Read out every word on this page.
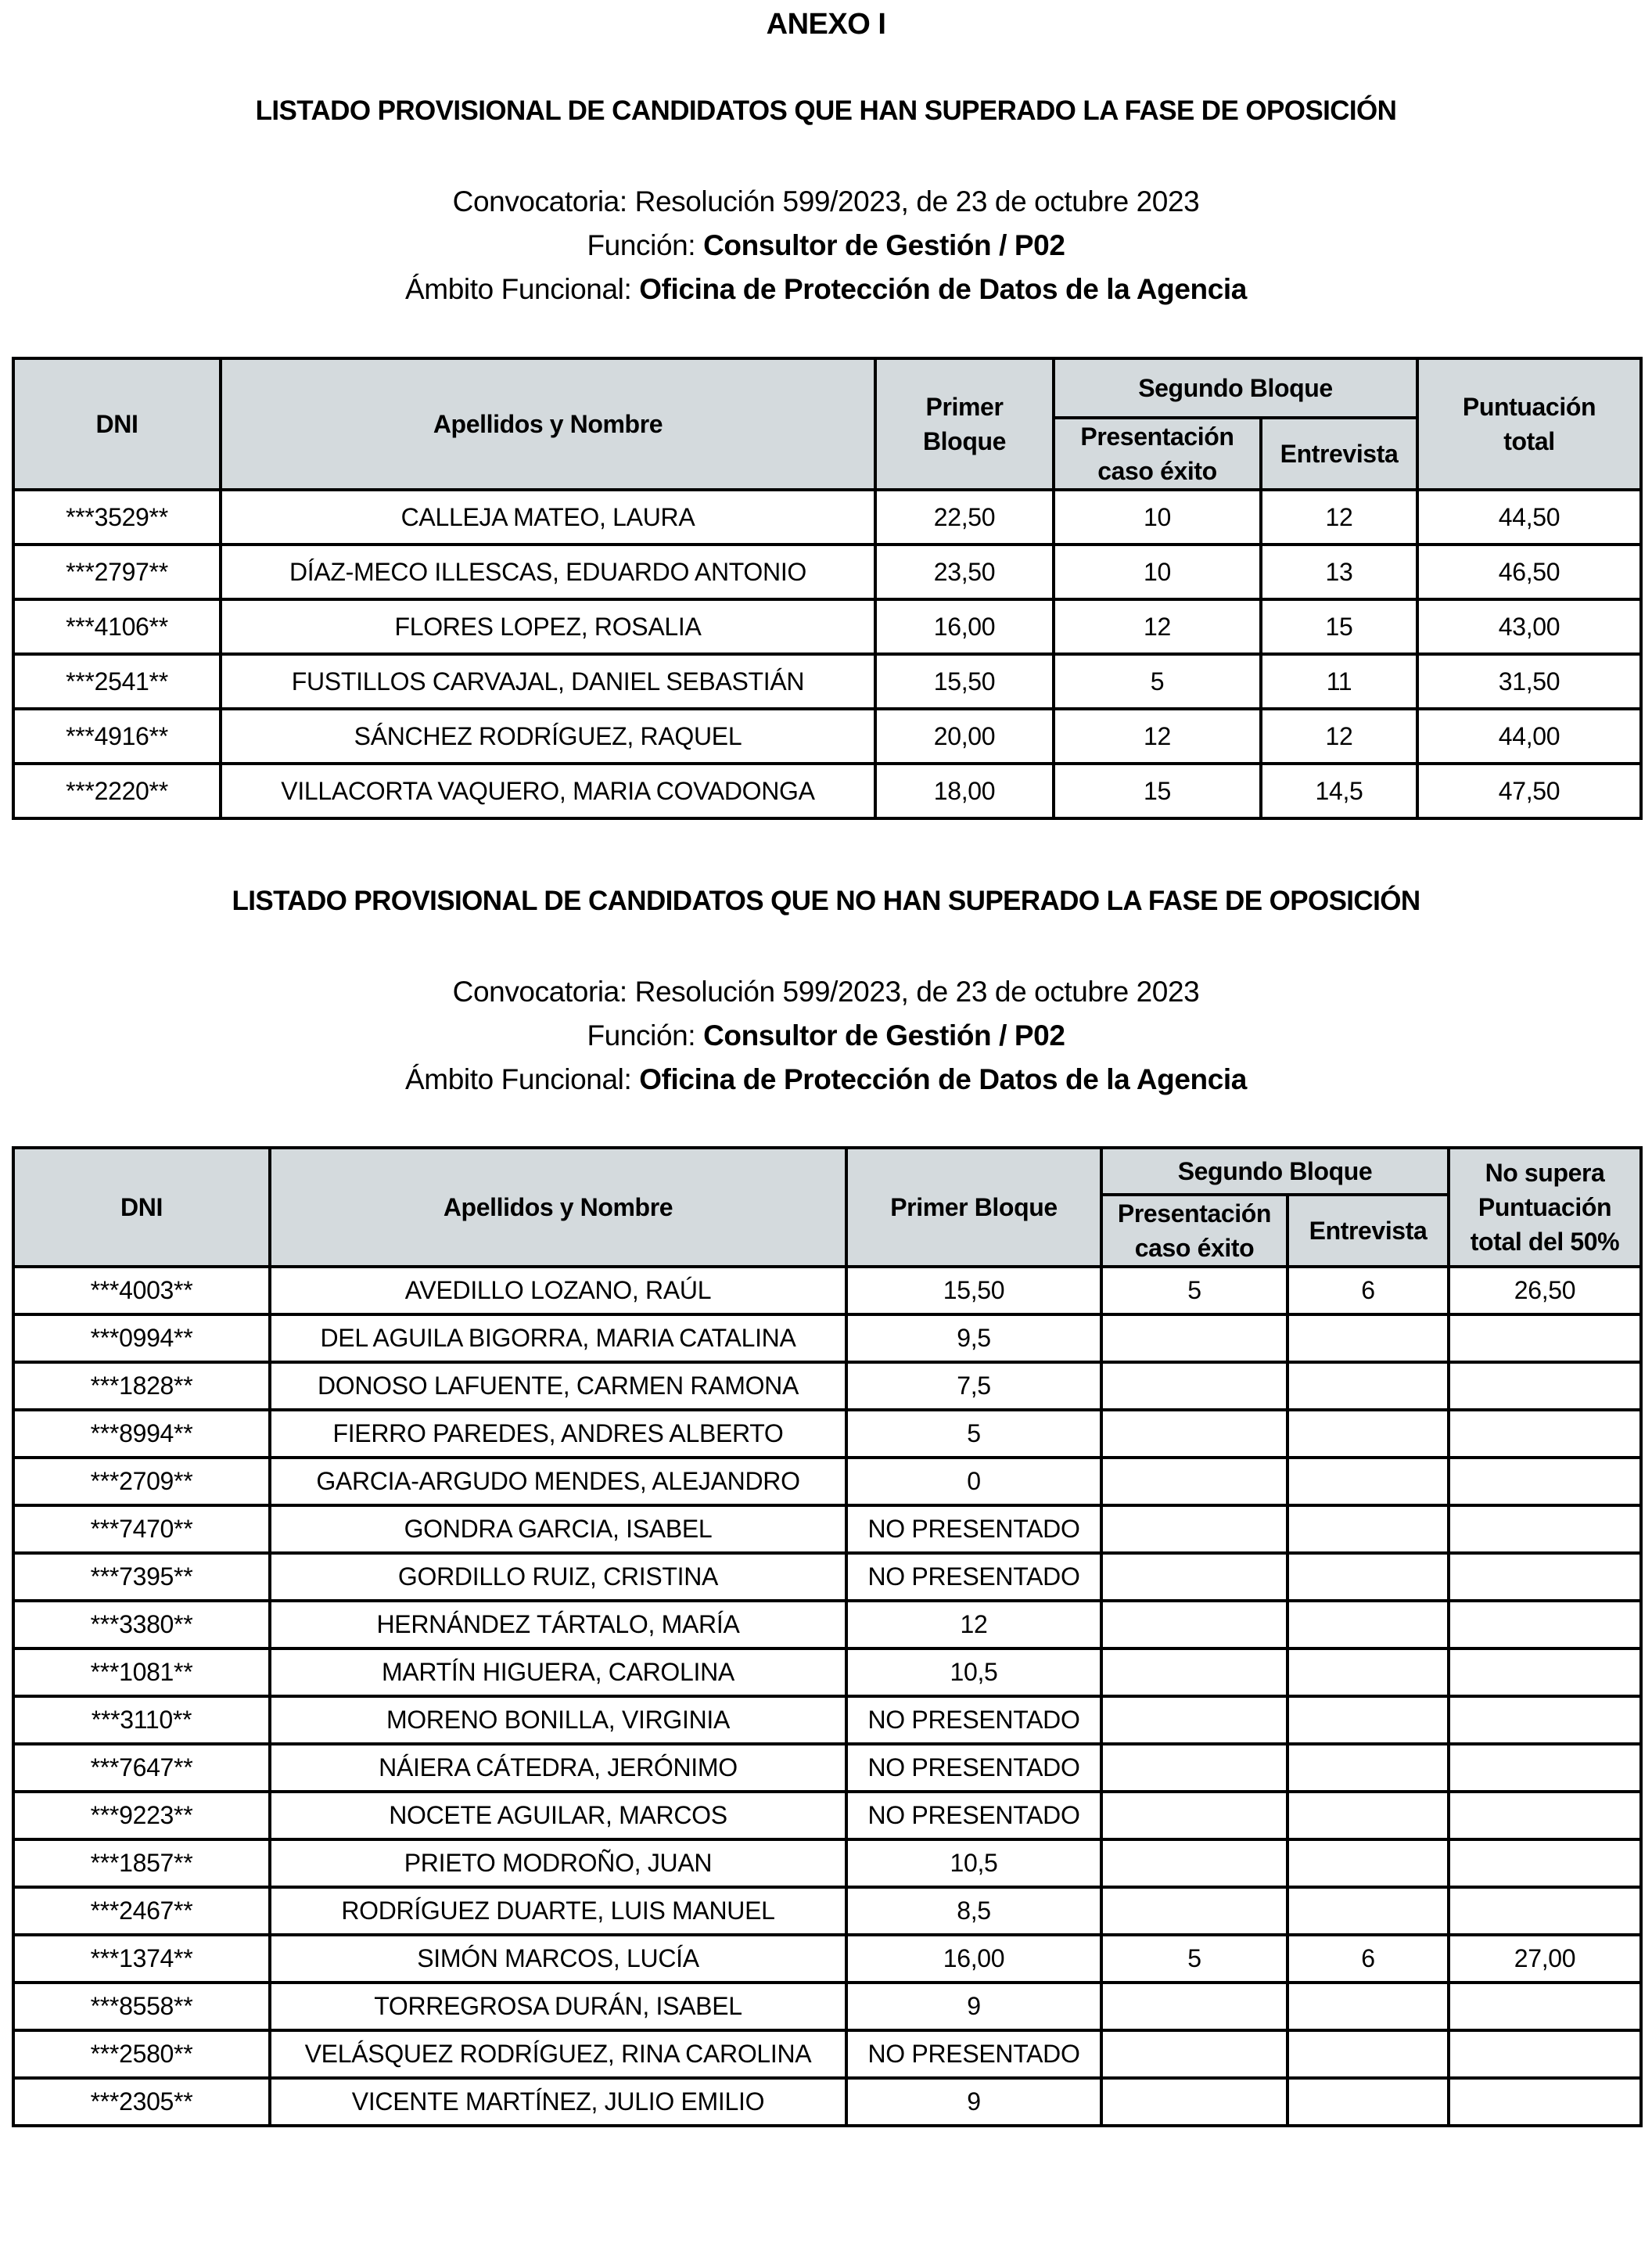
ANEXO I
LISTADO PROVISIONAL DE CANDIDATOS QUE HAN SUPERADO LA FASE DE OPOSICIÓN
Convocatoria: Resolución 599/2023, de 23 de octubre 2023
Función: Consultor de Gestión / P02
Ámbito Funcional: Oficina de Protección de Datos de la Agencia
DNI	Apellidos y Nombre	Primer Bloque	Segundo Bloque		Puntuación total
			Presentación caso éxito	Entrevista	
***3529**	CALLEJA MATEO, LAURA	22,50	10	12	44,50
***2797**	DÍAZ-MECO ILLESCAS, EDUARDO ANTONIO	23,50	10	13	46,50
***4106**	FLORES LOPEZ, ROSALIA	16,00	12	15	43,00
***2541**	FUSTILLOS CARVAJAL, DANIEL SEBASTIÁN	15,50	5	11	31,50
***4916**	SÁNCHEZ RODRÍGUEZ, RAQUEL	20,00	12	12	44,00
***2220**	VILLACORTA VAQUERO, MARIA COVADONGA	18,00	15	14,5	47,50
LISTADO PROVISIONAL DE CANDIDATOS QUE NO HAN SUPERADO LA FASE DE OPOSICIÓN
Convocatoria: Resolución 599/2023, de 23 de octubre 2023
Función: Consultor de Gestión / P02
Ámbito Funcional: Oficina de Protección de Datos de la Agencia
DNI	Apellidos y Nombre	Primer Bloque	Segundo Bloque		No supera Puntuación total del 50%
			Presentación caso éxito	Entrevista	
***4003**	AVEDILLO LOZANO, RAÚL	15,50	5	6	26,50
***0994**	DEL AGUILA BIGORRA, MARIA CATALINA	9,5			
***1828**	DONOSO LAFUENTE, CARMEN RAMONA	7,5			
***8994**	FIERRO PAREDES, ANDRES ALBERTO	5			
***2709**	GARCIA-ARGUDO MENDES, ALEJANDRO	0			
***7470**	GONDRA GARCIA, ISABEL	NO PRESENTADO			
***7395**	GORDILLO RUIZ, CRISTINA	NO PRESENTADO			
***3380**	HERNÁNDEZ TÁRTALO, MARÍA	12			
***1081**	MARTÍN HIGUERA, CAROLINA	10,5			
***3110**	MORENO BONILLA, VIRGINIA	NO PRESENTADO			
***7647**	NÁIERA CÁTEDRA, JERÓNIMO	NO PRESENTADO			
***9223**	NOCETE AGUILAR, MARCOS	NO PRESENTADO			
***1857**	PRIETO MODROÑO, JUAN	10,5			
***2467**	RODRÍGUEZ DUARTE, LUIS MANUEL	8,5			
***1374**	SIMÓN MARCOS, LUCÍA	16,00	5	6	27,00
***8558**	TORREGROSA DURÁN, ISABEL	9			
***2580**	VELÁSQUEZ RODRÍGUEZ, RINA CAROLINA	NO PRESENTADO			
***2305**	VICENTE MARTÍNEZ, JULIO EMILIO	9			
